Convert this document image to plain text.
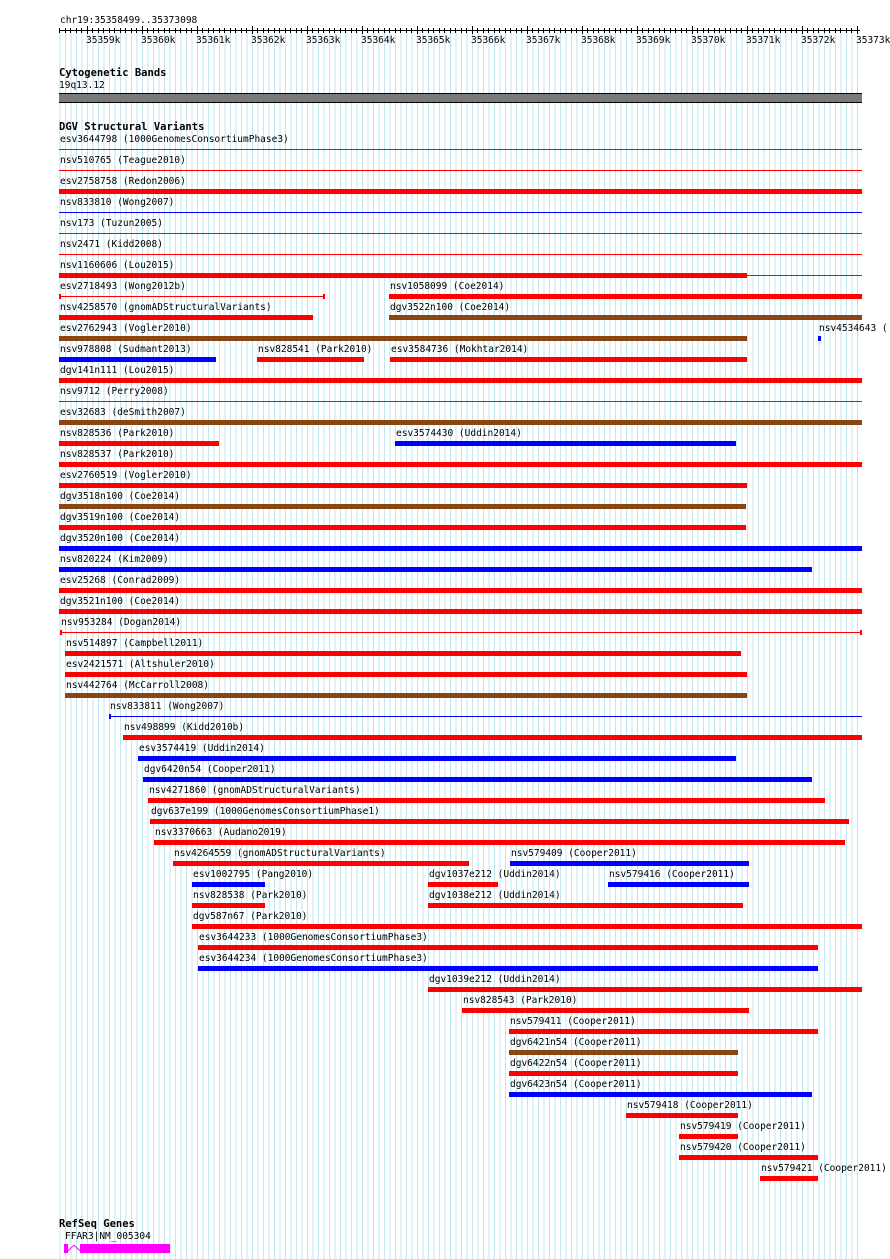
chr19:35358499..35373098
35359k 35360k 35361k 35362k 35363k 35364k 35365k 35366k 35367k 35368k 35369k 35370k 35371k 35372k 35373k
Cytogenetic Bands
19q13.12
DGV Structural Variants
esv3644798 (1000GenomesConsortiumPhase3)
nsv510765 (Teague2010)
esv2758758 (Redon2006)
nsv833810 (Wong2007)
nsv173 (Tuzun2005)
nsv2471 (Kidd2008)
nsv1160606 (Lou2015)
esv2718493 (Wong2012b)	nsv1058099 (Coe2014)
nsv4258570 (gnomADStructuralVariants)	dgv3522n100 (Coe2014)
esv2762943 (Vogler2010)	nsv4534643 (
nsv978808 (Sudmant2013)	nsv828541 (Park2010) esv3584736 (Mokhtar2014)
dgv141n111 (Lou2015)
nsv9712 (Perry2008)
esv32683 (deSmith2007)
nsv828536 (Park2010)	esv3574430 (Uddin2014)
nsv828537 (Park2010)
esv2760519 (Vogler2010)
dgv3518n100 (Coe2014)
dgv3519n100 (Coe2014)
dgv3520n100 (Coe2014)
nsv820224 (Kim2009)
esv25268 (Conrad2009)
dgv3521n100 (Coe2014)
nsv953284 (Dogan2014)
nsv514897 (Campbell2011)
esv2421571 (Altshuler2010)
nsv442764 (McCarroll2008)
nsv833811 (Wong2007)
nsv498899 (Kidd2010b)
esv3574419 (Uddin2014)
dgv6420n54 (Cooper2011)
nsv4271860 (gnomADStructuralVariants)
dgv637e199 (1000GenomesConsortiumPhase1)
nsv3370663 (Audano2019)
nsv4264559 (gnomADStructuralVariants)	nsv579409 (Cooper2011)
esv1002795 (Pang2010)	dgv1037e212 (Uddin2014)	nsv579416 (Cooper2011)
nsv828538 (Park2010)	dgv1038e212 (Uddin2014)
dgv587n67 (Park2010)
esv3644233 (1000GenomesConsortiumPhase3)
esv3644234 (1000GenomesConsortiumPhase3)
dgv1039e212 (Uddin2014)
nsv828543 (Park2010)
nsv579411 (Cooper2011)
dgv6421n54 (Cooper2011)
dgv6422n54 (Cooper2011)
dgv6423n54 (Cooper2011)
nsv579418 (Cooper2011)
nsv579419 (Cooper2011)
nsv579420 (Cooper2011)
nsv579421 (Cooper2011)
RefSeq Genes
FFAR3|NM_005304
